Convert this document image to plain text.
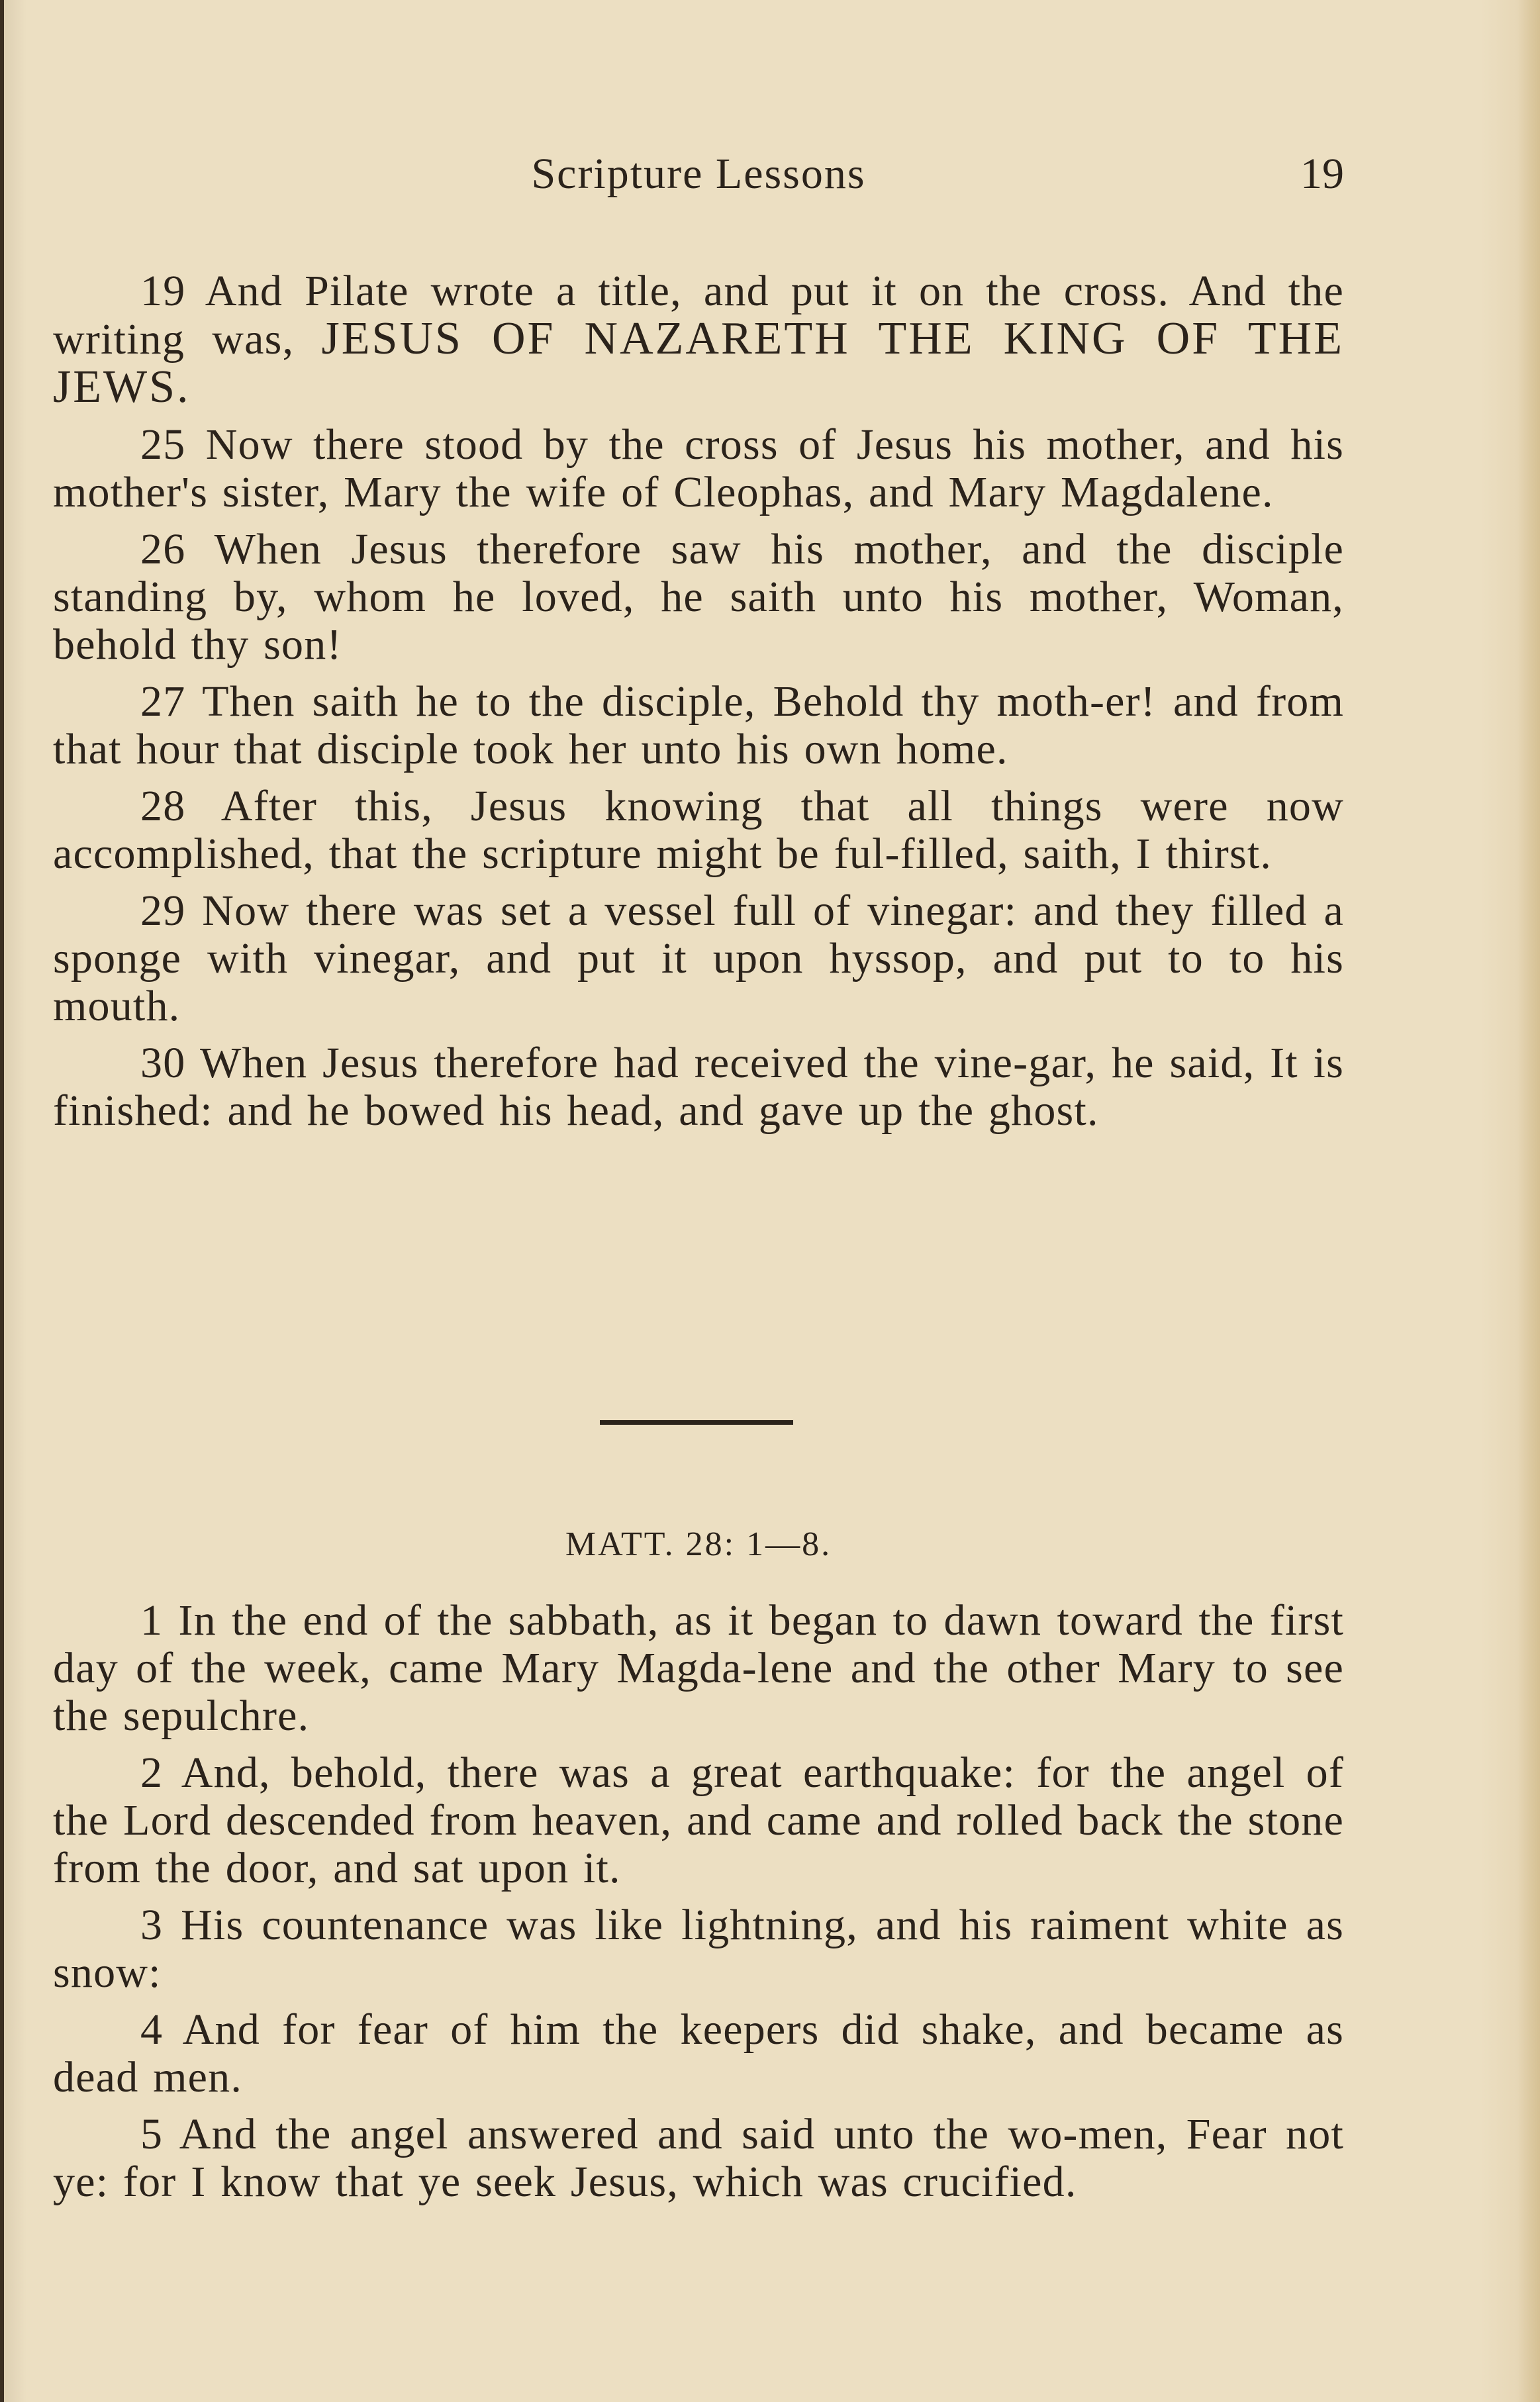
Scripture Lessons	19

19 And Pilate wrote a title, and put it on the cross. And the writing was, JESUS OF NAZARETH THE KING OF THE JEWS.

25 Now there stood by the cross of Jesus his mother, and his mother's sister, Mary the wife of Cleophas, and Mary Magdalene.

26 When Jesus therefore saw his mother, and the disciple standing by, whom he loved, he saith unto his mother, Woman, behold thy son!

27 Then saith he to the disciple, Behold thy moth-er! and from that hour that disciple took her unto his own home.

28 After this, Jesus knowing that all things were now accomplished, that the scripture might be ful-filled, saith, I thirst.

29 Now there was set a vessel full of vinegar: and they filled a sponge with vinegar, and put it upon hyssop, and put to to his mouth.

30 When Jesus therefore had received the vine-gar, he said, It is finished: and he bowed his head, and gave up the ghost.

MATT. 28: 1—8.

1 In the end of the sabbath, as it began to dawn toward the first day of the week, came Mary Magda-lene and the other Mary to see the sepulchre.

2 And, behold, there was a great earthquake: for the angel of the Lord descended from heaven, and came and rolled back the stone from the door, and sat upon it.

3 His countenance was like lightning, and his raiment white as snow:

4 And for fear of him the keepers did shake, and became as dead men.

5 And the angel answered and said unto the wo-men, Fear not ye: for I know that ye seek Jesus, which was crucified.
